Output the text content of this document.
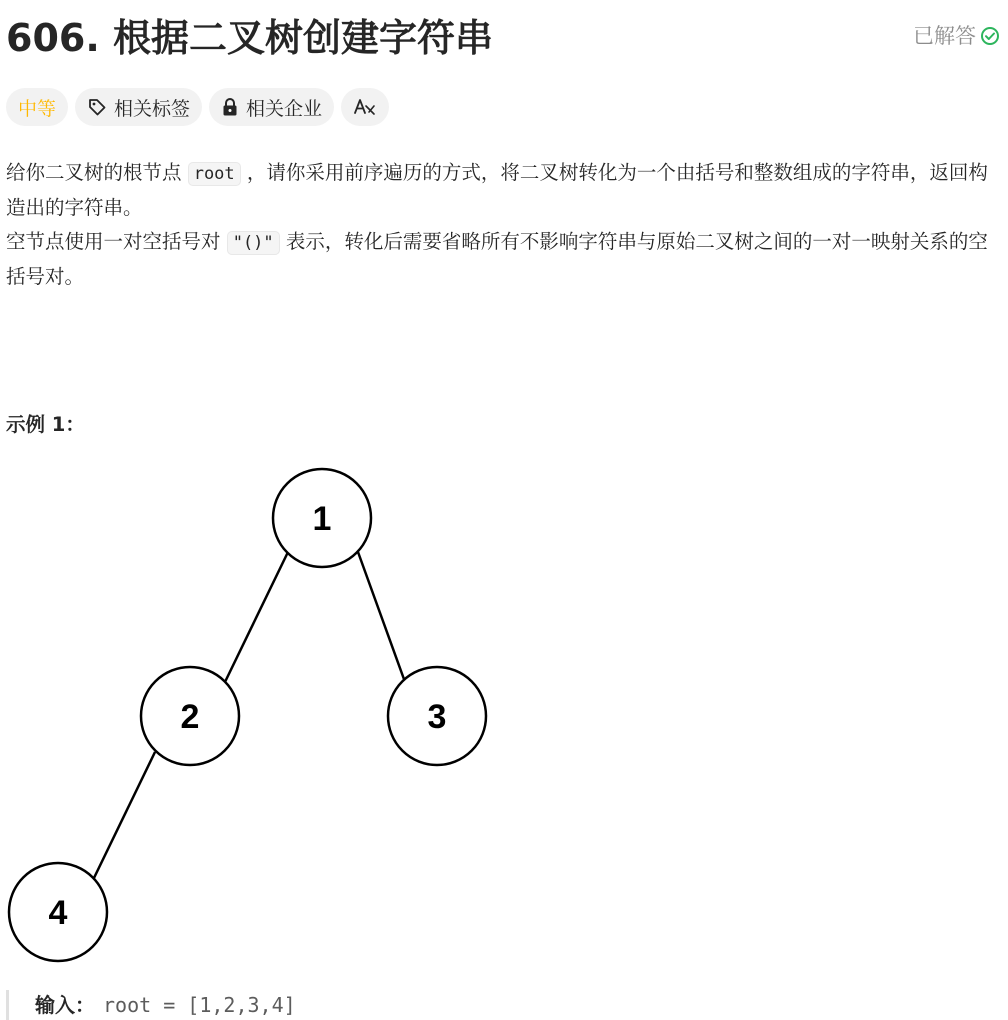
606. 根据二叉树创建字符串	已解答
中等	相关标签	相关企业

给你二叉树的根节点 root ，请你采用前序遍历的方式，将二叉树转化为一个由括号和整数组成的字符串，返回构造出的字符串。

空节点使用一对空括号对 "()" 表示，转化后需要省略所有不影响字符串与原始二叉树之间的一对一映射关系的空括号对。

示例 1：
1
2	3
4
输入： root = [1,2,3,4]
